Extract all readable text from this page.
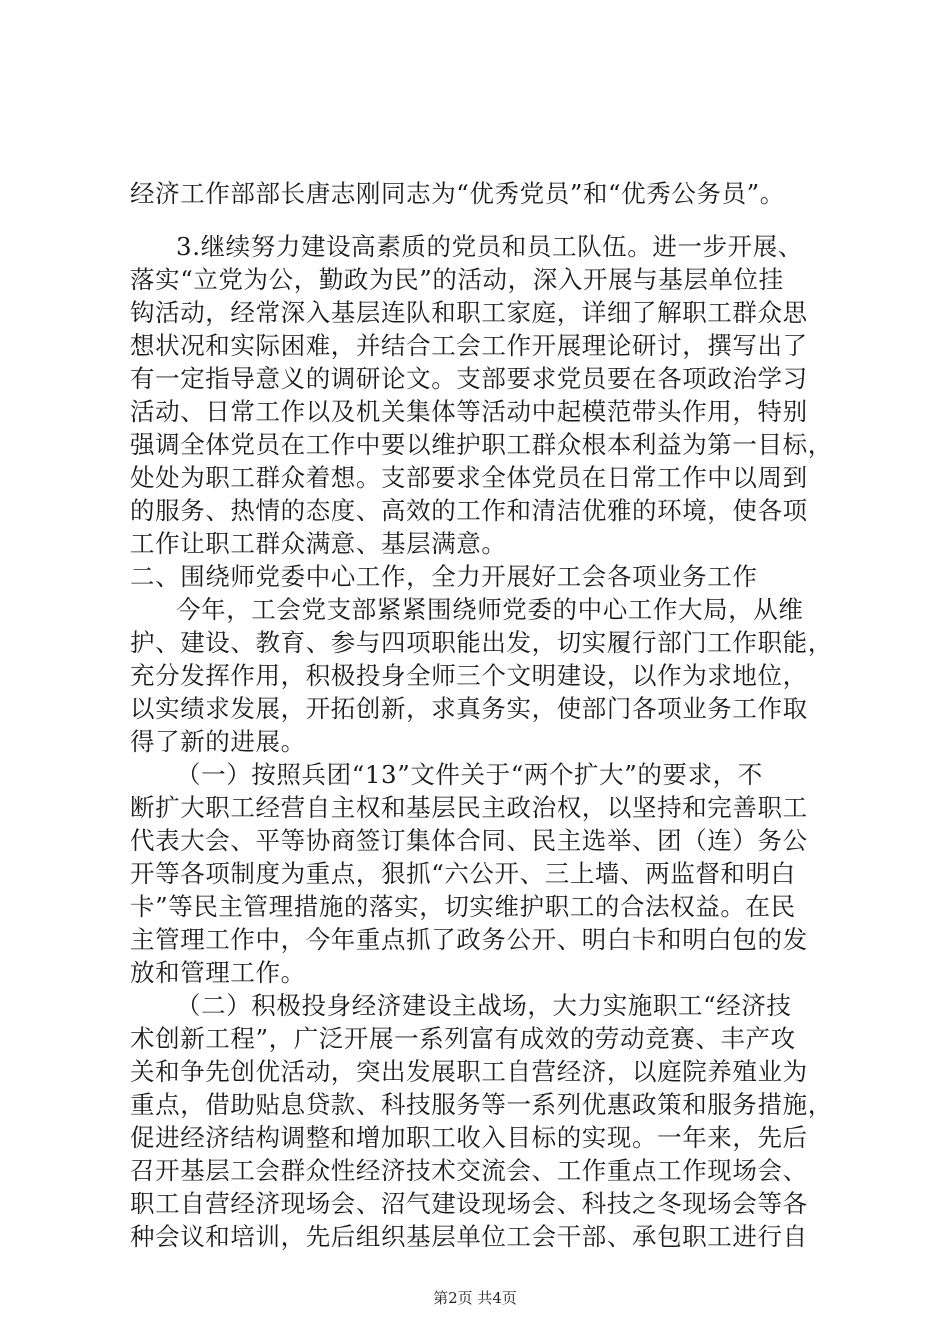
经济工作部部长唐志刚同志为“优秀党员”和“优秀公务员”。
3.继续努力建设高素质的党员和员工队伍。进一步开展、
落实“立党为公，勤政为民”的活动，深入开展与基层单位挂
钩活动，经常深入基层连队和职工家庭，详细了解职工群众思
想状况和实际困难，并结合工会工作开展理论研讨，撰写出了
有一定指导意义的调研论文。支部要求党员要在各项政治学习
活动、日常工作以及机关集体等活动中起模范带头作用，特别
强调全体党员在工作中要以维护职工群众根本利益为第一目标，
处处为职工群众着想。支部要求全体党员在日常工作中以周到
的服务、热情的态度、高效的工作和清洁优雅的环境，使各项
工作让职工群众满意、基层满意。
二、围绕师党委中心工作，全力开展好工会各项业务工作
今年，工会党支部紧紧围绕师党委的中心工作大局，从维
护、建设、教育、参与四项职能出发，切实履行部门工作职能，
充分发挥作用，积极投身全师三个文明建设，以作为求地位，
以实绩求发展，开拓创新，求真务实，使部门各项业务工作取
得了新的进展。
（一）按照兵团“13”文件关于“两个扩大”的要求，不
断扩大职工经营自主权和基层民主政治权，以坚持和完善职工
代表大会、平等协商签订集体合同、民主选举、团（连）务公
开等各项制度为重点，狠抓“六公开、三上墙、两监督和明白
卡”等民主管理措施的落实，切实维护职工的合法权益。在民
主管理工作中，今年重点抓了政务公开、明白卡和明白包的发
放和管理工作。
（二）积极投身经济建设主战场，大力实施职工“经济技
术创新工程”，广泛开展一系列富有成效的劳动竞赛、丰产攻
关和争先创优活动，突出发展职工自营经济，以庭院养殖业为
重点，借助贴息贷款、科技服务等一系列优惠政策和服务措施，
促进经济结构调整和增加职工收入目标的实现。一年来，先后
召开基层工会群众性经济技术交流会、工作重点工作现场会、
职工自营经济现场会、沼气建设现场会、科技之冬现场会等各
种会议和培训，先后组织基层单位工会干部、承包职工进行自
第2页 共4页
